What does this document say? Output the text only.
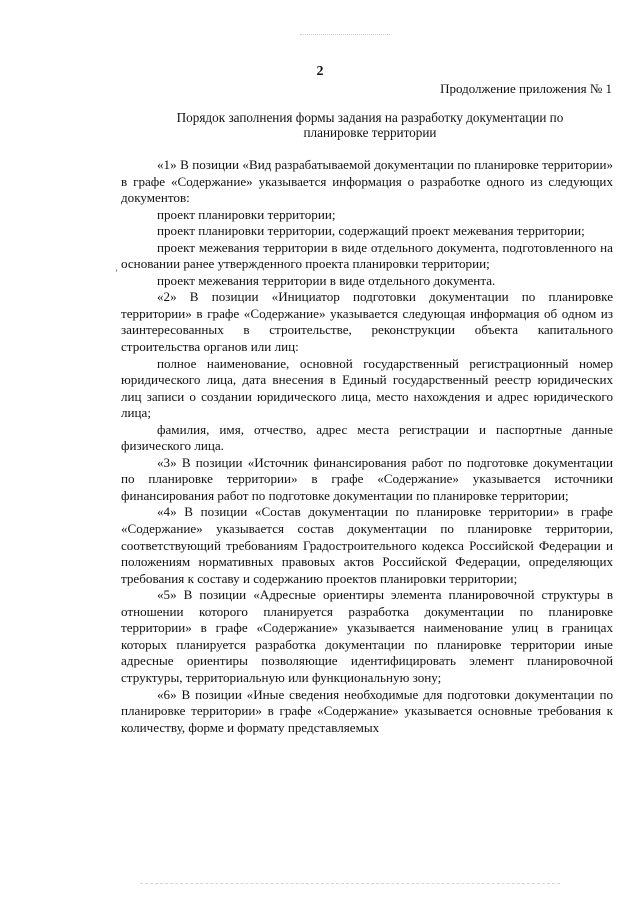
2
Продолжение приложения № 1
Порядок заполнения формы задания на разработку документации по планировке территории
ʼ

«1» В позиции «Вид разрабатываемой документации по планировке территории» в графе «Содержание» указывается информация о разработке одного из следующих документов:

проект планировки территории;

проект планировки территории, содержащий проект межевания территории;

проект межевания территории в виде отдельного документа, подготовленного на основании ранее утвержденного проекта планировки территории;

проект межевания территории в виде отдельного документа.

«2» В позиции «Инициатор подготовки документации по планировке территории» в графе «Содержание» указывается следующая информация об одном из заинтересованных в строительстве, реконструкции объекта капитального строительства органов или лиц:

полное наименование, основной государственный регистрационный номер юридического лица, дата внесения в Единый государственный реестр юридических лиц записи о создании юридического лица, место нахождения и адрес юридического лица;

фамилия, имя, отчество, адрес места регистрации и паспортные данные физического лица.

«3» В позиции «Источник финансирования работ по подготовке документации по планировке территории» в графе «Содержание» указывается источники финансирования работ по подготовке документации по планировке территории;

«4» В позиции «Состав документации по планировке территории» в графе «Содержание» указывается состав документации по планировке территории, соответствующий требованиям Градостроительного кодекса Российской Федерации и положениям нормативных правовых актов Российской Федерации, определяющих требования к составу и содержанию проектов планировки территории;

«5» В позиции «Адресные ориентиры элемента планировочной структуры в отношении которого планируется разработка документации по планировке территории» в графе «Содержание» указывается наименование улиц в границах которых планируется разработка документации по планировке территории иные адресные ориентиры позволяющие идентифицировать элемент планировочной структуры, территориальную или функциональную зону;

«6» В позиции «Иные сведения необходимые для подготовки документации по планировке территории» в графе «Содержание» указывается основные требования к количеству, форме и формату представляемых
